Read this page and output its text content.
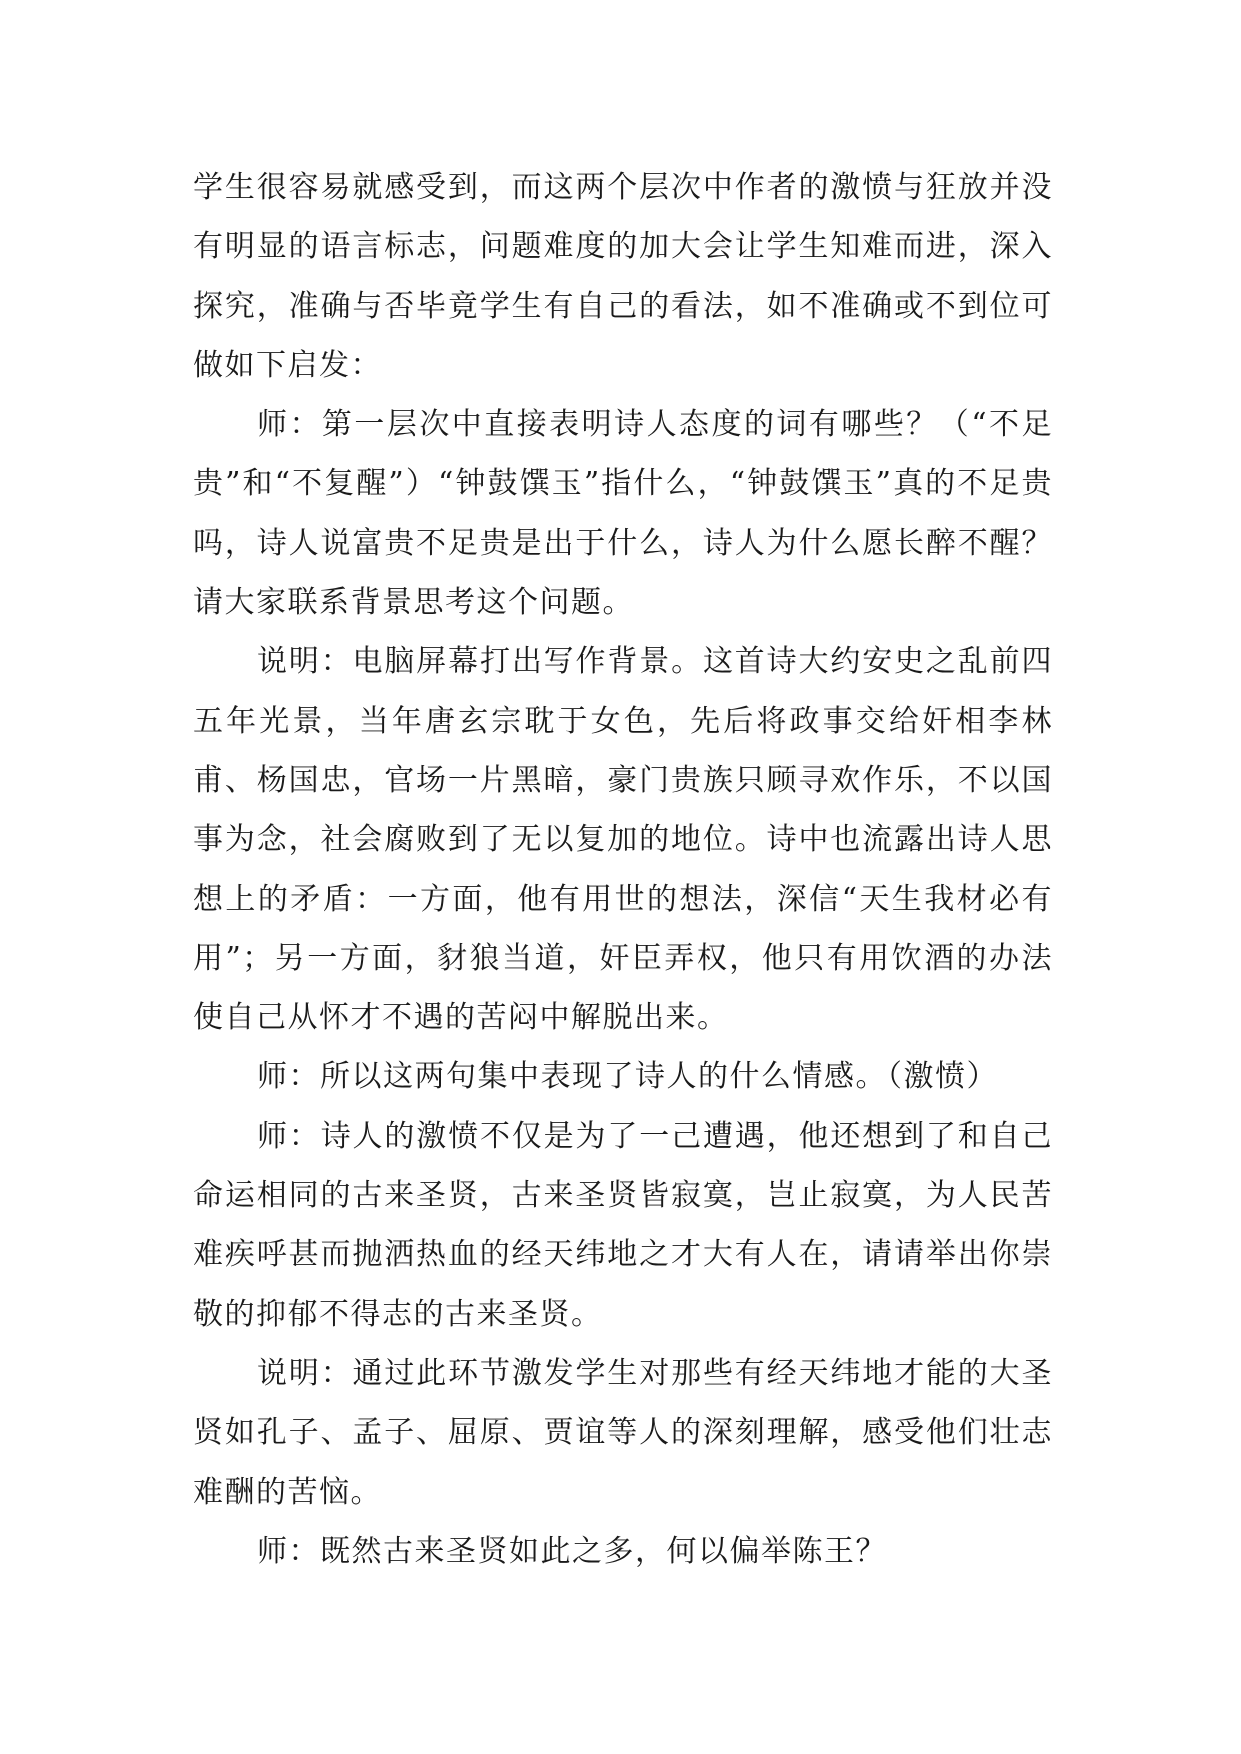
学生很容易就感受到，而这两个层次中作者的激愤与狂放并没有明显的语言标志，问题难度的加大会让学生知难而进，深入探究，准确与否毕竟学生有自己的看法，如不准确或不到位可做如下启发：

师：第一层次中直接表明诗人态度的词有哪些？（“不足贵”和“不复醒”）“钟鼓馔玉”指什么，“钟鼓馔玉”真的不足贵吗，诗人说富贵不足贵是出于什么，诗人为什么愿长醉不醒？请大家联系背景思考这个问题。

说明：电脑屏幕打出写作背景。这首诗大约安史之乱前四五年光景，当年唐玄宗耽于女色，先后将政事交给奸相李林甫、杨国忠，官场一片黑暗，豪门贵族只顾寻欢作乐，不以国事为念，社会腐败到了无以复加的地位。诗中也流露出诗人思想上的矛盾：一方面，他有用世的想法，深信“天生我材必有用”；另一方面，豺狼当道，奸臣弄权，他只有用饮酒的办法使自己从怀才不遇的苦闷中解脱出来。

师：所以这两句集中表现了诗人的什么情感。（激愤）

师：诗人的激愤不仅是为了一己遭遇，他还想到了和自己命运相同的古来圣贤，古来圣贤皆寂寞，岂止寂寞，为人民苦难疾呼甚而抛洒热血的经天纬地之才大有人在，请请举出你崇敬的抑郁不得志的古来圣贤。

说明：通过此环节激发学生对那些有经天纬地才能的大圣贤如孔子、孟子、屈原、贾谊等人的深刻理解，感受他们壮志难酬的苦恼。

师：既然古来圣贤如此之多，何以偏举陈王？
